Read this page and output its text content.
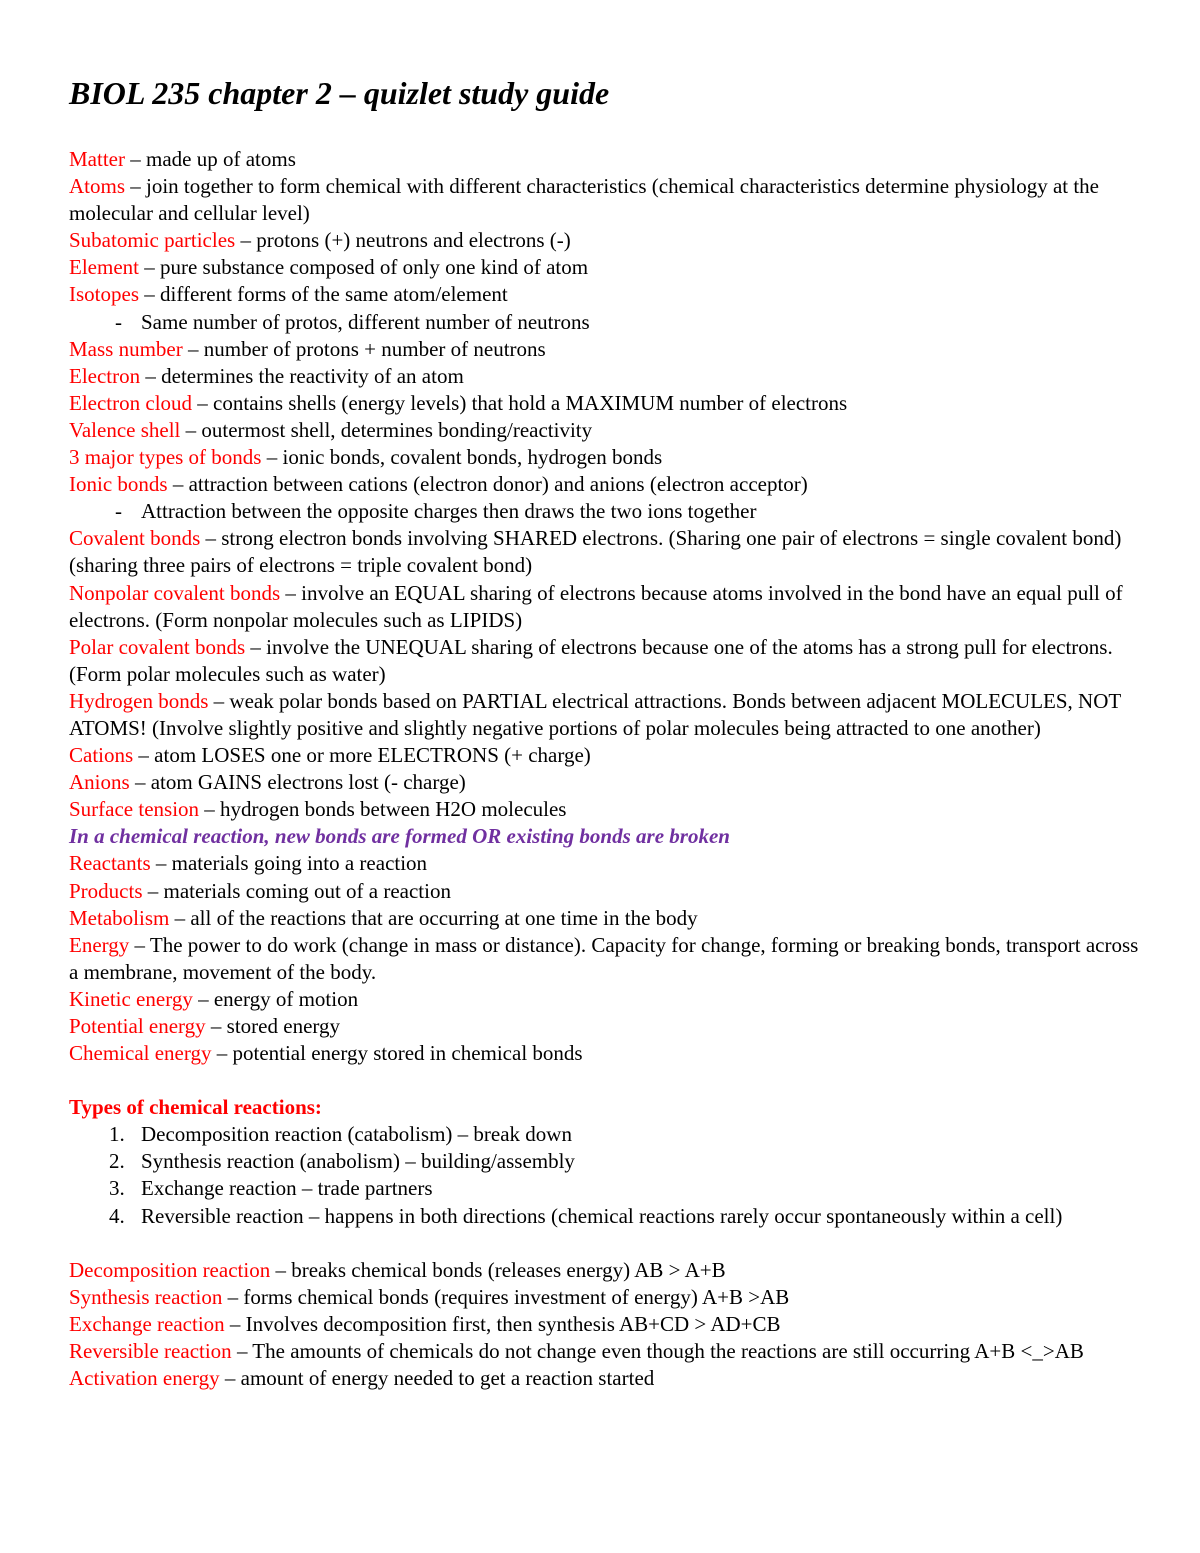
BIOL 235 chapter 2 – quizlet study guide

Matter – made up of atoms

Atoms – join together to form chemical with different characteristics (chemical characteristics determine physiology at the molecular and cellular level)

Subatomic particles – protons (+) neutrons and electrons (-)

Element – pure substance composed of only one kind of atom

Isotopes – different forms of the same atom/element

- Same number of protos, different number of neutrons

Mass number – number of protons + number of neutrons

Electron – determines the reactivity of an atom

Electron cloud – contains shells (energy levels) that hold a MAXIMUM number of electrons

Valence shell – outermost shell, determines bonding/reactivity

3 major types of bonds – ionic bonds, covalent bonds, hydrogen bonds

Ionic bonds – attraction between cations (electron donor) and anions (electron acceptor)

- Attraction between the opposite charges then draws the two ions together

Covalent bonds – strong electron bonds involving SHARED electrons. (Sharing one pair of electrons = single covalent bond) (sharing three pairs of electrons = triple covalent bond)

Nonpolar covalent bonds – involve an EQUAL sharing of electrons because atoms involved in the bond have an equal pull of electrons. (Form nonpolar molecules such as LIPIDS)

Polar covalent bonds – involve the UNEQUAL sharing of electrons because one of the atoms has a strong pull for electrons. (Form polar molecules such as water)

Hydrogen bonds – weak polar bonds based on PARTIAL electrical attractions. Bonds between adjacent MOLECULES, NOT ATOMS! (Involve slightly positive and slightly negative portions of polar molecules being attracted to one another)

Cations – atom LOSES one or more ELECTRONS (+ charge)

Anions – atom GAINS electrons lost (- charge)

Surface tension – hydrogen bonds between H2O molecules

In a chemical reaction, new bonds are formed OR existing bonds are broken

Reactants – materials going into a reaction

Products – materials coming out of a reaction

Metabolism – all of the reactions that are occurring at one time in the body

Energy – The power to do work (change in mass or distance). Capacity for change, forming or breaking bonds, transport across a membrane, movement of the body.

Kinetic energy – energy of motion

Potential energy – stored energy

Chemical energy – potential energy stored in chemical bonds

Types of chemical reactions:

1. Decomposition reaction (catabolism) – break down
2. Synthesis reaction (anabolism) – building/assembly
3. Exchange reaction – trade partners
4. Reversible reaction – happens in both directions (chemical reactions rarely occur spontaneously within a cell)

Decomposition reaction – breaks chemical bonds (releases energy) AB > A+B

Synthesis reaction – forms chemical bonds (requires investment of energy) A+B >AB

Exchange reaction – Involves decomposition first, then synthesis AB+CD > AD+CB

Reversible reaction – The amounts of chemicals do not change even though the reactions are still occurring A+B <_>AB

Activation energy – amount of energy needed to get a reaction started
